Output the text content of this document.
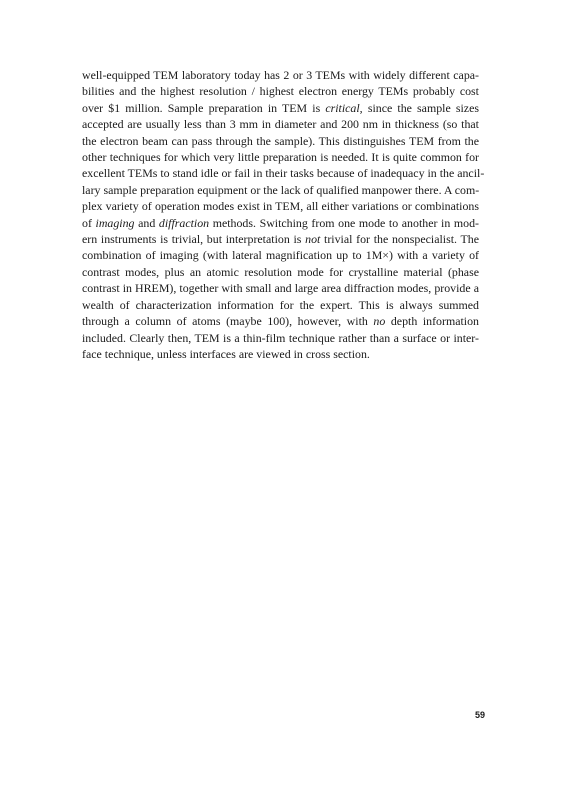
well-equipped TEM laboratory today has 2 or 3 TEMs with widely different capa-
bilities and the highest resolution / highest electron energy TEMs probably cost
over $1 million. Sample preparation in TEM is critical, since the sample sizes
accepted are usually less than 3 mm in diameter and 200 nm in thickness (so that
the electron beam can pass through the sample). This distinguishes TEM from the
other techniques for which very little preparation is needed. It is quite common for
excellent TEMs to stand idle or fail in their tasks because of inadequacy in the ancil-
lary sample preparation equipment or the lack of qualified manpower there. A com-
plex variety of operation modes exist in TEM, all either variations or combinations
of imaging and diffraction methods. Switching from one mode to another in mod-
ern instruments is trivial, but interpretation is not trivial for the nonspecialist. The
combination of imaging (with lateral magnification up to 1M×) with a variety of
contrast modes, plus an atomic resolution mode for crystalline material (phase
contrast in HREM), together with small and large area diffraction modes, provide a
wealth of characterization information for the expert. This is always summed
through a column of atoms (maybe 100), however, with no depth information
included. Clearly then, TEM is a thin-film technique rather than a surface or inter-
face technique, unless interfaces are viewed in cross section.
59
